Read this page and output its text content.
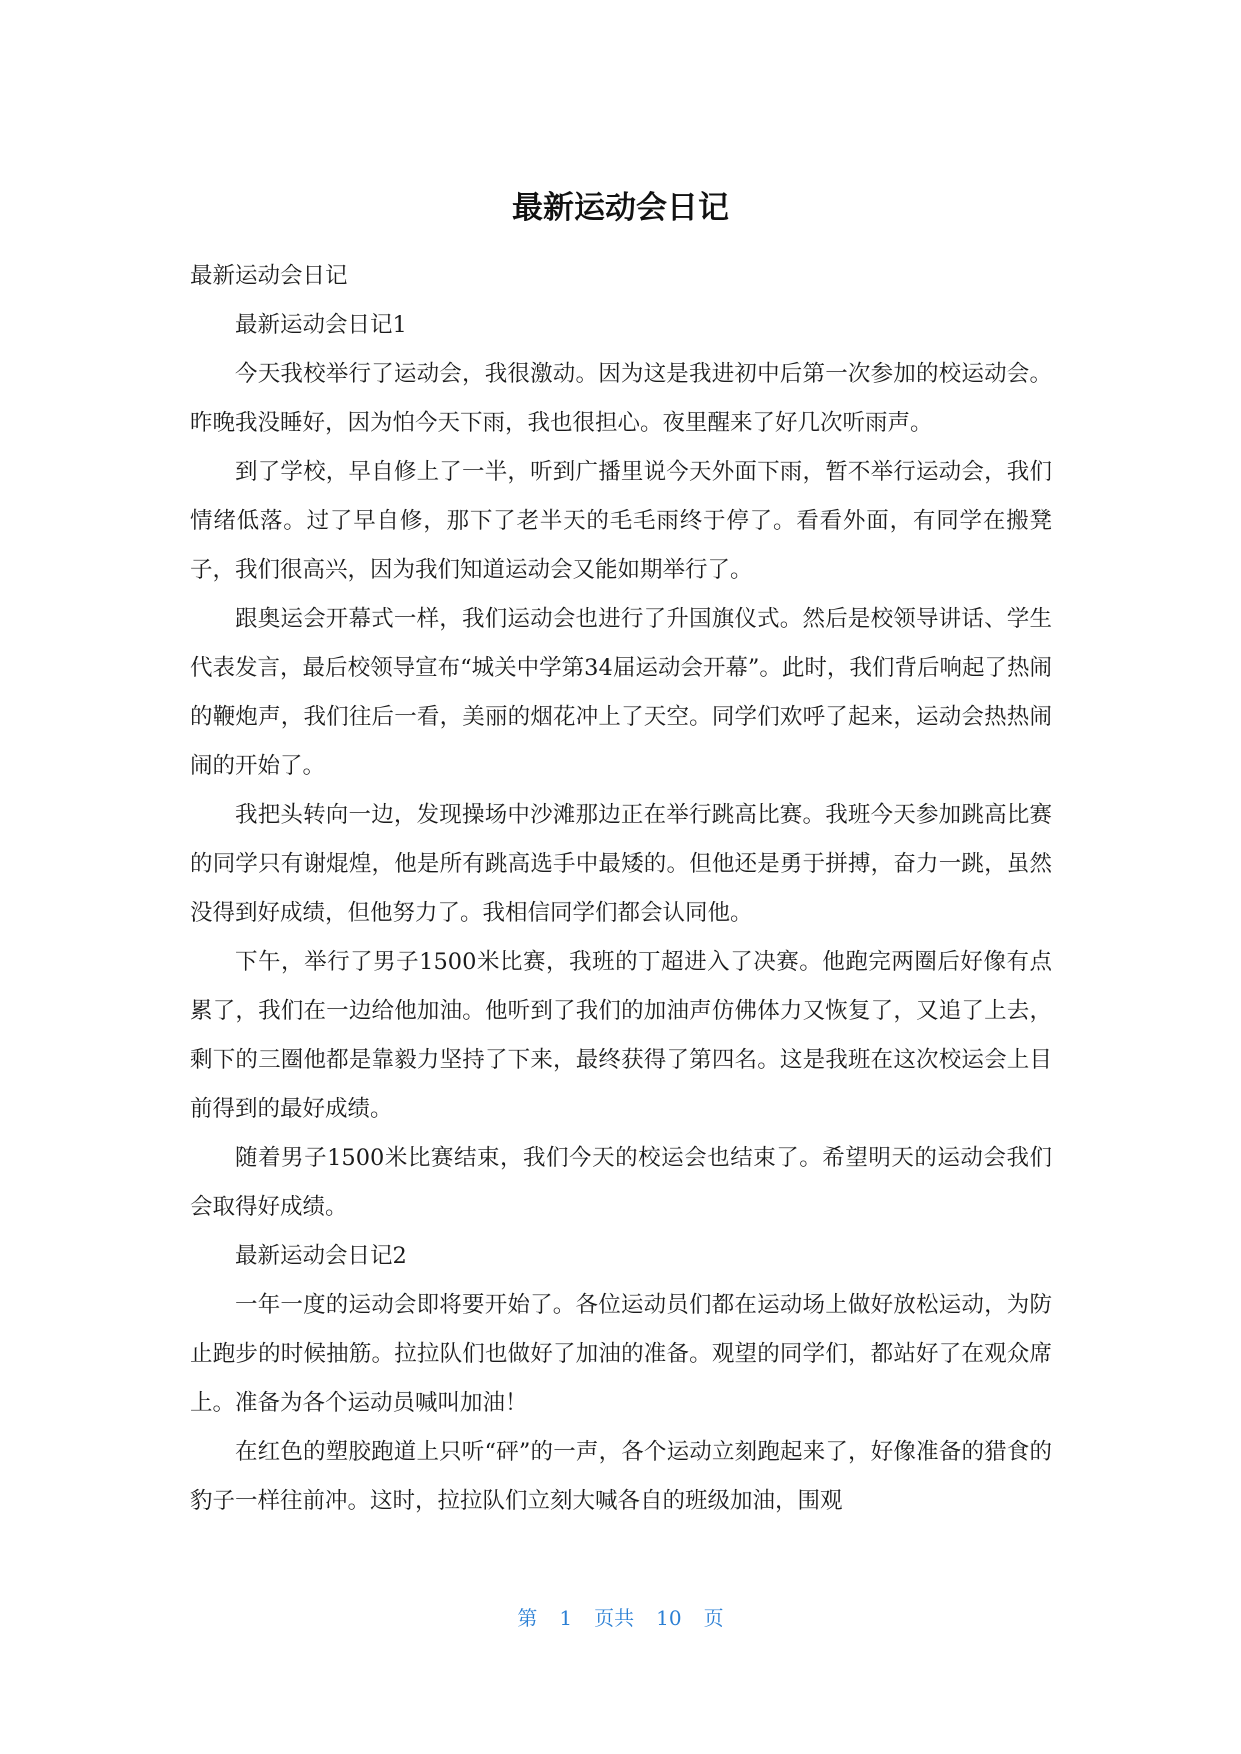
最新运动会日记

最新运动会日记

最新运动会日记1

今天我校举行了运动会，我很激动。因为这是我进初中后第一次参加的校运动会。昨晚我没睡好，因为怕今天下雨，我也很担心。夜里醒来了好几次听雨声。

到了学校，早自修上了一半，听到广播里说今天外面下雨，暂不举行运动会，我们情绪低落。过了早自修，那下了老半天的毛毛雨终于停了。看看外面，有同学在搬凳子，我们很高兴，因为我们知道运动会又能如期举行了。

跟奥运会开幕式一样，我们运动会也进行了升国旗仪式。然后是校领导讲话、学生代表发言，最后校领导宣布“城关中学第34届运动会开幕”。此时，我们背后响起了热闹的鞭炮声，我们往后一看，美丽的烟花冲上了天空。同学们欢呼了起来，运动会热热闹闹的开始了。

我把头转向一边，发现操场中沙滩那边正在举行跳高比赛。我班今天参加跳高比赛的同学只有谢焜煌，他是所有跳高选手中最矮的。但他还是勇于拼搏，奋力一跳，虽然没得到好成绩，但他努力了。我相信同学们都会认同他。

下午，举行了男子1500米比赛，我班的丁超进入了决赛。他跑完两圈后好像有点累了，我们在一边给他加油。他听到了我们的加油声仿佛体力又恢复了，又追了上去，剩下的三圈他都是靠毅力坚持了下来，最终获得了第四名。这是我班在这次校运会上目前得到的最好成绩。

随着男子1500米比赛结束，我们今天的校运会也结束了。希望明天的运动会我们会取得好成绩。

最新运动会日记2

一年一度的运动会即将要开始了。各位运动员们都在运动场上做好放松运动，为防止跑步的时候抽筋。拉拉队们也做好了加油的准备。观望的同学们，都站好了在观众席上。准备为各个运动员喊叫加油！

在红色的塑胶跑道上只听“砰”的一声，各个运动立刻跑起来了，好像准备的猎食的豹子一样往前冲。这时，拉拉队们立刻大喊各自的班级加油，围观

第 1 页共 10 页
